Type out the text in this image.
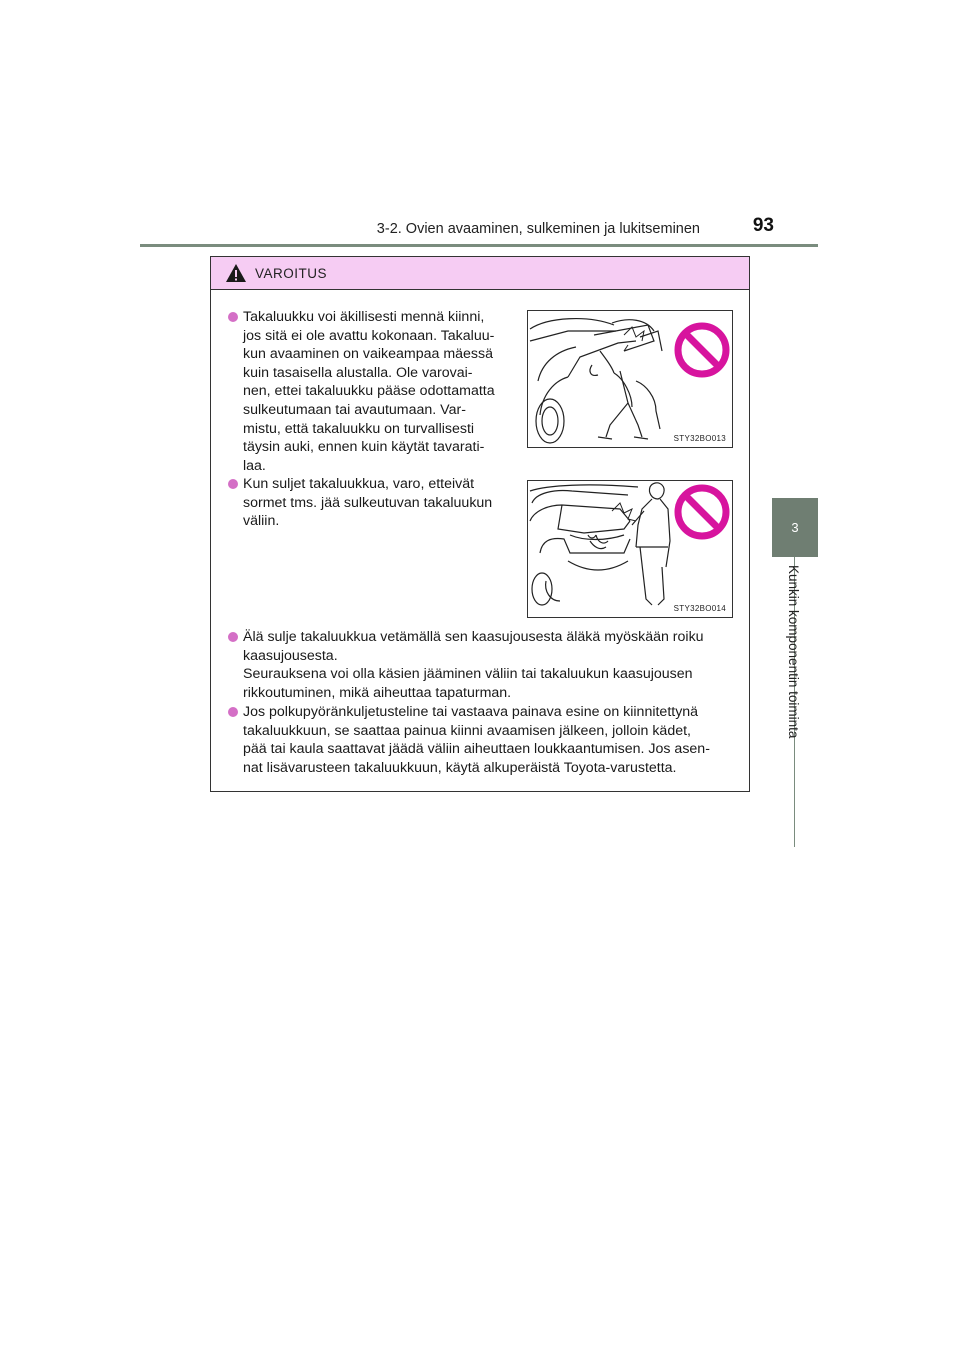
3-2. Ovien avaaminen, sulkeminen ja lukitseminen	93
3
Kunkin komponentin toiminta
VAROITUS
Takaluukku voi äkillisesti mennä kiinni,
jos sitä ei ole avattu kokonaan. Takaluu-
kun avaaminen on vaikeampaa mäessä
kuin tasaisella alustalla. Ole varovai-
nen, ettei takaluukku pääse odottamatta
sulkeutumaan tai avautumaan. Var-
mistu, että takaluukku on turvallisesti
täysin auki, ennen kuin käytät tavarati-
laa.
Kun suljet takaluukkua, varo, etteivät
sormet tms. jää sulkeutuvan takaluukun
väliin.
STY32BO013
STY32BO014
Älä sulje takaluukkua vetämällä sen kaasujousesta äläkä myöskään roiku
kaasujousesta.
Seurauksena voi olla käsien jääminen väliin tai takaluukun kaasujousen
rikkoutuminen, mikä aiheuttaa tapaturman.
Jos polkupyöränkuljetusteline tai vastaava painava esine on kiinnitettynä
takaluukkuun, se saattaa painua kiinni avaamisen jälkeen, jolloin kädet,
pää tai kaula saattavat jäädä väliin aiheuttaen loukkaantumisen. Jos asen-
nat lisävarusteen takaluukkuun, käytä alkuperäistä Toyota-varustetta.
